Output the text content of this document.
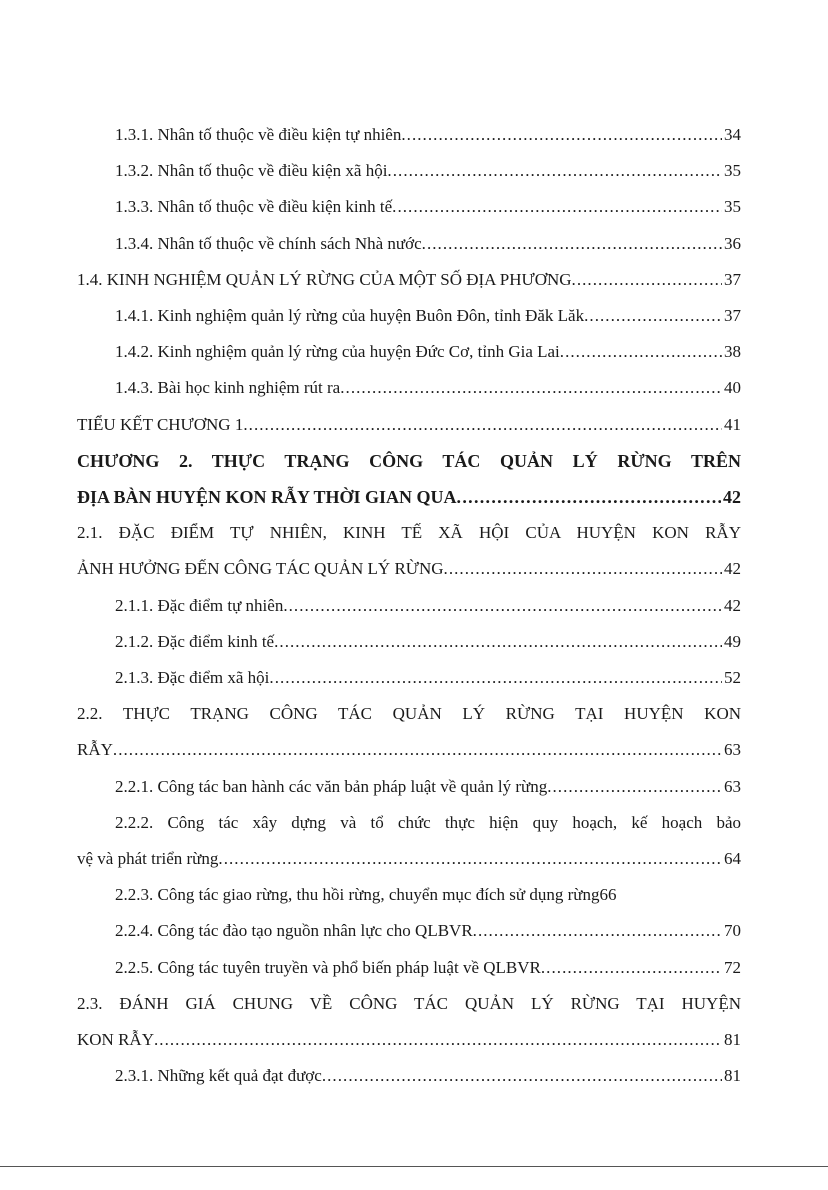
1.3.1. Nhân tố thuộc về điều kiện tự nhiên . . .	34
1.3.2. Nhân tố thuộc về điều kiện xã hội . . .	35
1.3.3. Nhân tố thuộc về điều kiện kinh tế . . .	35
1.3.4. Nhân tố thuộc về chính sách Nhà nước . . .	36
1.4. KINH NGHIỆM QUẢN LÝ RỪNG CỦA MỘT SỐ ĐỊA PHƯƠNG . . .	37
1.4.1. Kinh nghiệm quản lý rừng của huyện Buôn Đôn, tỉnh Đăk Lăk . . .	37
1.4.2. Kinh nghiệm quản lý rừng của huyện Đức Cơ, tỉnh Gia Lai . . .	38
1.4.3. Bài học kinh nghiệm rút ra . . .	40
TIỂU KẾT CHƯƠNG 1 . . .	41
CHƯƠNG 2. THỰC TRẠNG CÔNG TÁC QUẢN LÝ RỪNG TRÊN
ĐỊA BÀN HUYỆN KON RẪY THỜI GIAN QUA . . .	42
2.1. ĐẶC ĐIỂM TỰ NHIÊN, KINH TẾ XÃ HỘI CỦA HUYỆN KON RẪY
ẢNH HƯỞNG ĐẾN CÔNG TÁC QUẢN LÝ RỪNG . . .	42
2.1.1. Đặc điểm tự nhiên . . .	42
2.1.2. Đặc điểm kinh tế . . .	49
2.1.3. Đặc điểm xã hội . . .	52
2.2. THỰC TRẠNG CÔNG TÁC QUẢN LÝ RỪNG TẠI HUYỆN KON
RẪY . . .	63
2.2.1. Công tác ban hành các văn bản pháp luật về quản lý rừng . . .	63
2.2.2. Công tác xây dựng và tổ chức thực hiện quy hoạch, kế hoạch bảo
vệ và phát triển rừng . . .	64
2.2.3. Công tác giao rừng, thu hồi rừng, chuyển mục đích sử dụng rừng 66
2.2.4. Công tác đào tạo nguồn nhân lực cho QLBVR . . .	70
2.2.5. Công tác tuyên truyền và phổ biến pháp luật về QLBVR . . .	72
2.3. ĐÁNH GIÁ CHUNG VỀ CÔNG TÁC QUẢN LÝ RỪNG TẠI HUYỆN
KON RẪY . . .	81
2.3.1. Những kết quả đạt được . . .	81
